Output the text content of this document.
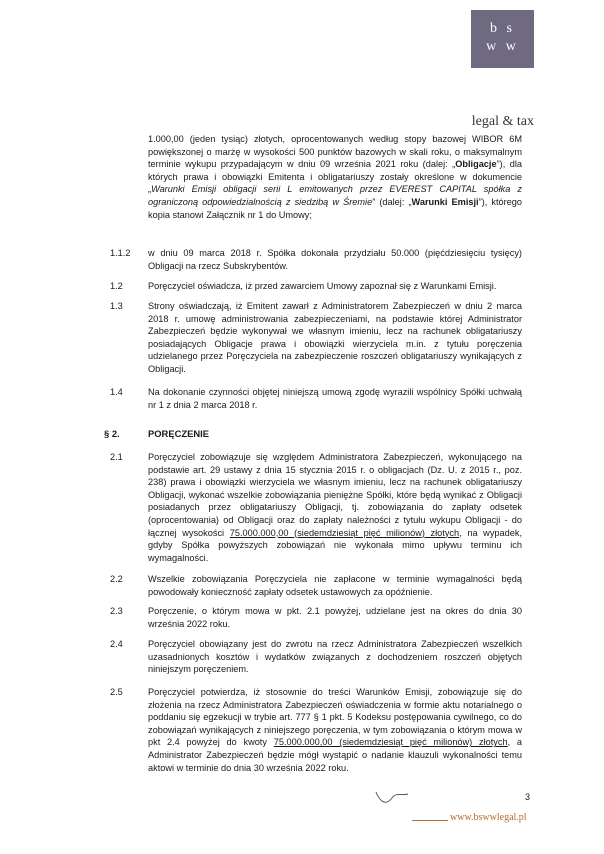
b s
w w
legal & tax
1.000,00 (jeden tysiąc) złotych, oprocentowanych według stopy bazowej WIBOR 6M powiększonej o marżę w wysokości 500 punktów bazowych w skali roku, o maksymalnym terminie wykupu przypadającym w dniu 09 września 2021 roku (dalej: „Obligacje”), dla których prawa i obowiązki Emitenta i obligatariuszy zostały określone w dokumencie „Warunki Emisji obligacji serii L emitowanych przez EVEREST CAPITAL spółka z ograniczoną odpowiedzialnością z siedzibą w Śremie” (dalej: „Warunki Emisji”), którego kopia stanowi Załącznik nr 1 do Umowy;
1.1.2 w dniu 09 marca 2018 r. Spółka dokonała przydziału 50.000 (pięćdziesięciu tysięcy) Obligacji na rzecz Subskrybentów.
1.2	Poręczyciel oświadcza, iż przed zawarciem Umowy zapoznał się z Warunkami Emisji.
1.3	Strony oświadczają, iż Emitent zawarł z Administratorem Zabezpieczeń w dniu 2 marca 2018 r. umowę administrowania zabezpieczeniami, na podstawie której Administrator Zabezpieczeń będzie wykonywał we własnym imieniu, lecz na rachunek obligatariuszy posiadających Obligacje prawa i obowiązki wierzyciela m.in. z tytułu poręczenia udzielanego przez Poręczyciela na zabezpieczenie roszczeń obligatariuszy wynikających z Obligacji.
1.4	Na dokonanie czynności objętej niniejszą umową zgodę wyrazili wspólnicy Spółki uchwałą nr 1 z dnia 2 marca 2018 r.
§ 2.	PORĘCZENIE
2.1	Poręczyciel zobowiązuje się względem Administratora Zabezpieczeń, wykonującego na podstawie art. 29 ustawy z dnia 15 stycznia 2015 r. o obligacjach (Dz. U. z 2015 r., poz. 238) prawa i obowiązki wierzyciela we własnym imieniu, lecz na rachunek obligatariuszy Obligacji, wykonać wszelkie zobowiązania pieniężne Spółki, które będą wynikać z Obligacji posiadanych przez obligatariuszy Obligacji, tj. zobowiązania do zapłaty odsetek (oprocentowania) od Obligacji oraz do zapłaty należności z tytułu wykupu Obligacji - do łącznej wysokości 75.000.000,00 (siedemdziesiąt pięć milionów) złotych, na wypadek, gdyby Spółka powyższych zobowiązań nie wykonała mimo upływu terminu ich wymagalności.
2.2	Wszelkie zobowiązania Poręczyciela nie zapłacone w terminie wymagalności będą powodowały konieczność zapłaty odsetek ustawowych za opóźnienie.
2.3	Poręczenie, o którym mowa w pkt. 2.1 powyżej, udzielane jest na okres do dnia 30 września 2022 roku.
2.4	Poręczyciel obowiązany jest do zwrotu na rzecz Administratora Zabezpieczeń wszelkich uzasadnionych kosztów i wydatków związanych z dochodzeniem roszczeń objętych niniejszym poręczeniem.
2.5	Poręczyciel potwierdza, iż stosownie do treści Warunków Emisji, zobowiązuje się do złożenia na rzecz Administratora Zabezpieczeń oświadczenia w formie aktu notarialnego o poddaniu się egzekucji w trybie art. 777 § 1 pkt. 5 Kodeksu postępowania cywilnego, co do zobowiązań wynikających z niniejszego poręczenia, w tym zobowiązania o którym mowa w pkt 2.4 powyżej do kwoty 75.000.000,00 (siedemdziesiąt pięć milionów) złotych, a Administrator Zabezpieczeń będzie mógł wystąpić o nadanie klauzuli wykonalności temu aktowi w terminie do dnia 30 września 2022 roku.
3
www.bswwlegal.pl
